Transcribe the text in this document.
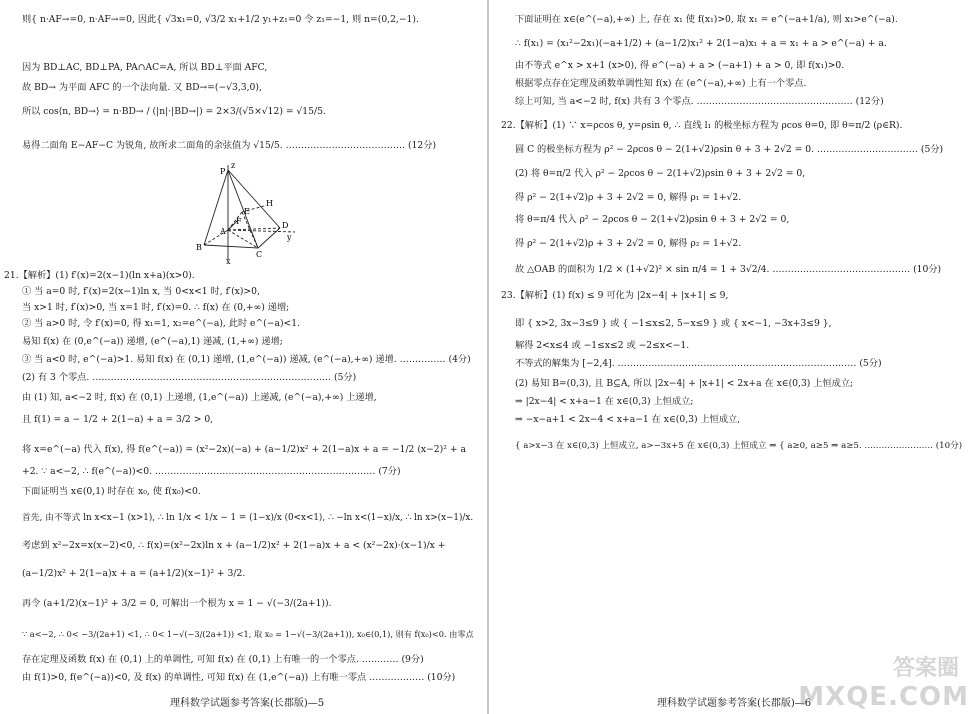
则{ n·AF→=0, n·AF→=0, 因此{ √3x₁=0, √3/2 x₁+1/2 y₁+z₁=0 令 z₁=−1, 则 n=(0,2,−1).
因为 BD⊥AC, BD⊥PA, PA∩AC=A, 所以 BD⊥平面 AFC,
故 BD→ 为平面 AFC 的一个法向量. 又 BD→=(−√3,3,0),
所以 cos⟨n, BD→⟩ = n·BD→ / (|n|·|BD→|) = 2×3/(√5×√12) = √15/5.
易得二面角 E−AF−C 为锐角, 故所求二面角的余弦值为 √15/5. ………………………………… (12分)
z
P
H
E
F
A
D
y
B
C
x
21.【解析】(1) f′(x)=2(x−1)(ln x+a)(x>0).
① 当 a=0 时, f′(x)=2(x−1)ln x, 当 0<x<1 时, f′(x)>0,
当 x>1 时, f′(x)>0, 当 x=1 时, f′(x)=0. ∴ f(x) 在 (0,+∞) 递增;
② 当 a>0 时, 令 f′(x)=0, 得 x₁=1, x₂=e^(−a), 此时 e^(−a)<1.
易知 f(x) 在 (0,e^(−a)) 递增, (e^(−a),1) 递减, (1,+∞) 递增;
③ 当 a<0 时, e^(−a)>1. 易知 f(x) 在 (0,1) 递增, (1,e^(−a)) 递减, (e^(−a),+∞) 递增. …………… (4分)
(2) 有 3 个零点. …………………………………………………………………… (5分)
由 (1) 知, a<−2 时, f(x) 在 (0,1) 上递增, (1,e^(−a)) 上递减, (e^(−a),+∞) 上递增,
且 f(1) = a − 1/2 + 2(1−a) + a = 3/2 > 0,
将 x=e^(−a) 代入 f(x), 得 f(e^(−a)) = (x²−2x)(−a) + (a−1/2)x² + 2(1−a)x + a = −1/2 (x−2)² + a
+2. ∵ a<−2, ∴ f(e^(−a))<0. ……………………………………………………………… (7分)
下面证明当 x∈(0,1) 时存在 x₀, 使 f(x₀)<0.
首先, 由不等式 ln x<x−1 (x>1), ∴ ln 1/x < 1/x − 1 = (1−x)/x (0<x<1), ∴ −ln x<(1−x)/x, ∴ ln x>(x−1)/x.
考虑到 x²−2x=x(x−2)<0, ∴ f(x)=(x²−2x)ln x + (a−1/2)x² + 2(1−a)x + a < (x²−2x)·(x−1)/x +
(a−1/2)x² + 2(1−a)x + a = (a+1/2)(x−1)² + 3/2.
再令 (a+1/2)(x−1)² + 3/2 = 0, 可解出一个根为 x = 1 − √(−3/(2a+1)).
∵ a<−2, ∴ 0< −3/(2a+1) <1, ∴ 0< 1−√(−3/(2a+1)) <1, 取 x₀ = 1−√(−3/(2a+1)), x₀∈(0,1), 则有 f(x₀)<0. 由零点
存在定理及函数 f(x) 在 (0,1) 上的单调性, 可知 f(x) 在 (0,1) 上有唯一的一个零点. ………… (9分)
由 f(1)>0, f(e^(−a))<0, 及 f(x) 的单调性, 可知 f(x) 在 (1,e^(−a)) 上有唯一零点 ……………… (10分)
理科数学试题参考答案(长郡版)—5
下面证明在 x∈(e^(−a),+∞) 上, 存在 x₁ 使 f(x₁)>0, 取 x₁ = e^(−a+1/a), 则 x₁>e^(−a).
∴ f(x₁) = (x₁²−2x₁)(−a+1/2) + (a−1/2)x₁² + 2(1−a)x₁ + a = x₁ + a > e^(−a) + a.
由不等式 e^x > x+1 (x>0), 得 e^(−a) + a > (−a+1) + a > 0, 即 f(x₁)>0.
根据零点存在定理及函数单调性知 f(x) 在 (e^(−a),+∞) 上有一个零点.
综上可知, 当 a<−2 时, f(x) 共有 3 个零点. …………………………………………… (12分)
22.【解析】(1) ∵ x=ρcos θ, y=ρsin θ, ∴ 直线 l₁ 的极坐标方程为 ρcos θ=0, 即 θ=π/2 (ρ∈R).
圆 C 的极坐标方程为 ρ² − 2ρcos θ − 2(1+√2)ρsin θ + 3 + 2√2 = 0. …………………………… (5分)
(2) 将 θ=π/2 代入 ρ² − 2ρcos θ − 2(1+√2)ρsin θ + 3 + 2√2 = 0,
得 ρ² − 2(1+√2)ρ + 3 + 2√2 = 0, 解得 ρ₁ = 1+√2.
将 θ=π/4 代入 ρ² − 2ρcos θ − 2(1+√2)ρsin θ + 3 + 2√2 = 0,
得 ρ² − 2(1+√2)ρ + 3 + 2√2 = 0, 解得 ρ₂ = 1+√2.
故 △OAB 的面积为 1/2 × (1+√2)² × sin π/4 = 1 + 3√2/4. ……………………………………… (10分)
23.【解析】(1) f(x) ≤ 9 可化为 |2x−4| + |x+1| ≤ 9,
即 { x>2, 3x−3≤9 } 或 { −1≤x≤2, 5−x≤9 } 或 { x<−1, −3x+3≤9 },
解得 2<x≤4 或 −1≤x≤2 或 −2≤x<−1.
不等式的解集为 [−2,4]. …………………………………………………………………… (5分)
(2) 易知 B=(0,3), 且 B⊆A, 所以 |2x−4| + |x+1| < 2x+a 在 x∈(0,3) 上恒成立;
⇒ |2x−4| < x+a−1 在 x∈(0,3) 上恒成立;
⇒ −x−a+1 < 2x−4 < x+a−1 在 x∈(0,3) 上恒成立,
{ a>x−3 在 x∈(0,3) 上恒成立, a>−3x+5 在 x∈(0,3) 上恒成立 ⇒ { a≥0, a≥5 ⇒ a≥5. …………………… (10分)
理科数学试题参考答案(长郡版)—6
答案圈
MXQE.COM
